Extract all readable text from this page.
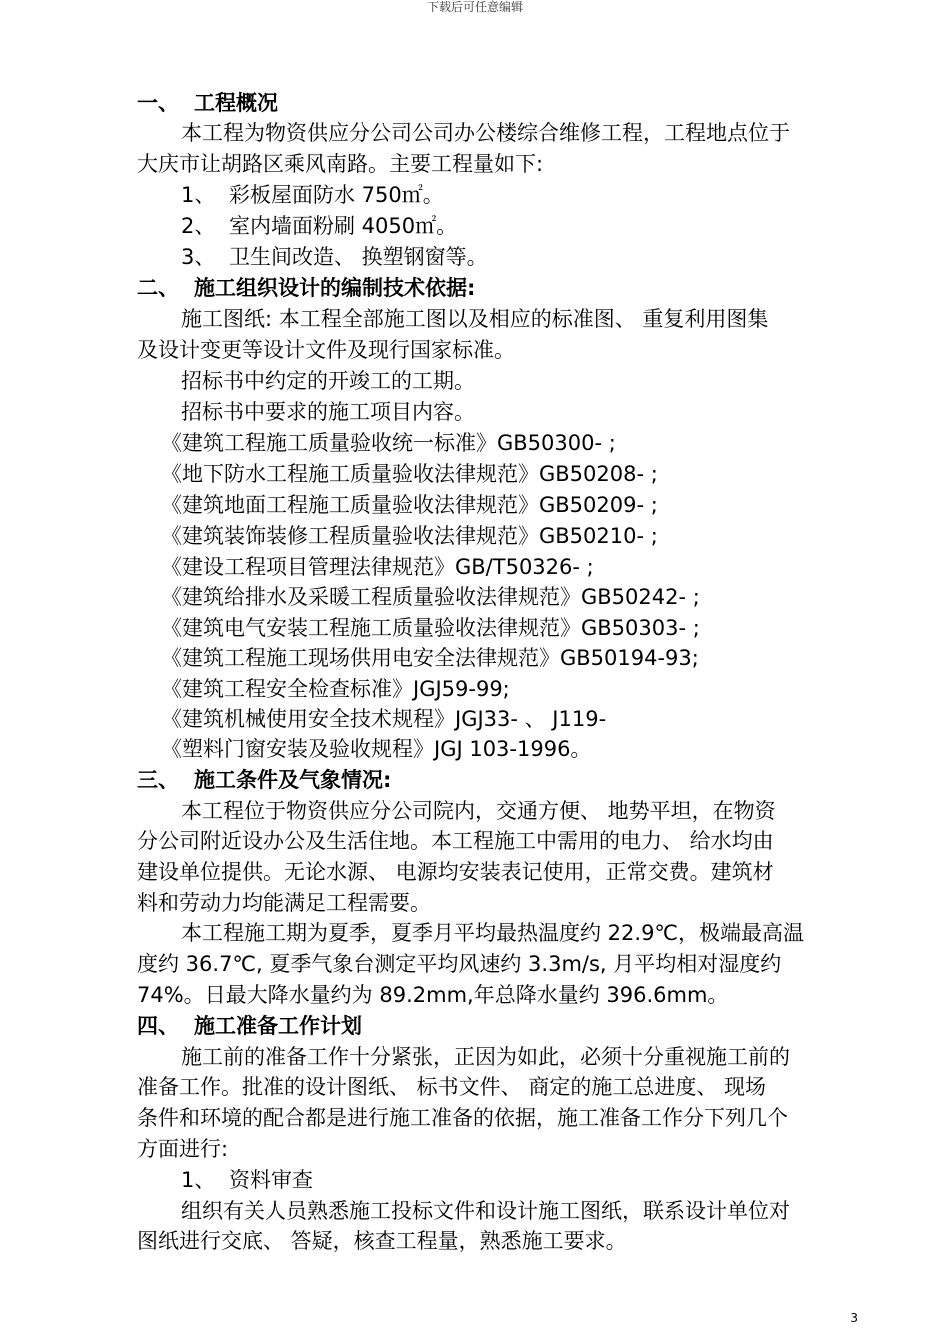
下载后可任意编辑
一、 工程概况
本工程为物资供应分公司公司办公楼综合维修工程，工程地点位于
大庆市让胡路区乘风南路。主要工程量如下:
1、 彩板屋面防水 750㎡。
2、 室内墙面粉刷 4050㎡。
3、 卫生间改造、 换塑钢窗等。
二、 施工组织设计的编制技术依据:
施工图纸: 本工程全部施工图以及相应的标准图、 重复利用图集
及设计变更等设计文件及现行国家标准。
招标书中约定的开竣工的工期。
招标书中要求的施工项目内容。
《建筑工程施工质量验收统一标准》GB50300- ;
《地下防水工程施工质量验收法律规范》GB50208- ;
《建筑地面工程施工质量验收法律规范》GB50209- ;
《建筑装饰装修工程质量验收法律规范》GB50210- ;
《建设工程项目管理法律规范》GB/T50326- ;
《建筑给排水及采暖工程质量验收法律规范》GB50242- ;
《建筑电气安装工程施工质量验收法律规范》GB50303- ;
《建筑工程施工现场供用电安全法律规范》GB50194-93;
《建筑工程安全检查标准》JGJ59-99;
《建筑机械使用安全技术规程》JGJ33- 、 J119-
《塑料门窗安装及验收规程》JGJ 103-1996。
三、 施工条件及气象情况:
本工程位于物资供应分公司院内，交通方便、 地势平坦，在物资
分公司附近设办公及生活住地。本工程施工中需用的电力、 给水均由
建设单位提供。无论水源、 电源均安装表记使用，正常交费。建筑材
料和劳动力均能满足工程需要。
本工程施工期为夏季，夏季月平均最热温度约 22.9℃，极端最高温
度约 36.7℃, 夏季气象台测定平均风速约 3.3m/s, 月平均相对湿度约
74%。日最大降水量约为 89.2mm,年总降水量约 396.6mm。
四、 施工准备工作计划
施工前的准备工作十分紧张，正因为如此，必须十分重视施工前的
准备工作。批准的设计图纸、 标书文件、 商定的施工总进度、 现场
条件和环境的配合都是进行施工准备的依据，施工准备工作分下列几个
方面进行:
1、 资料审查
组织有关人员熟悉施工投标文件和设计施工图纸，联系设计单位对
图纸进行交底、 答疑，核查工程量，熟悉施工要求。
3
